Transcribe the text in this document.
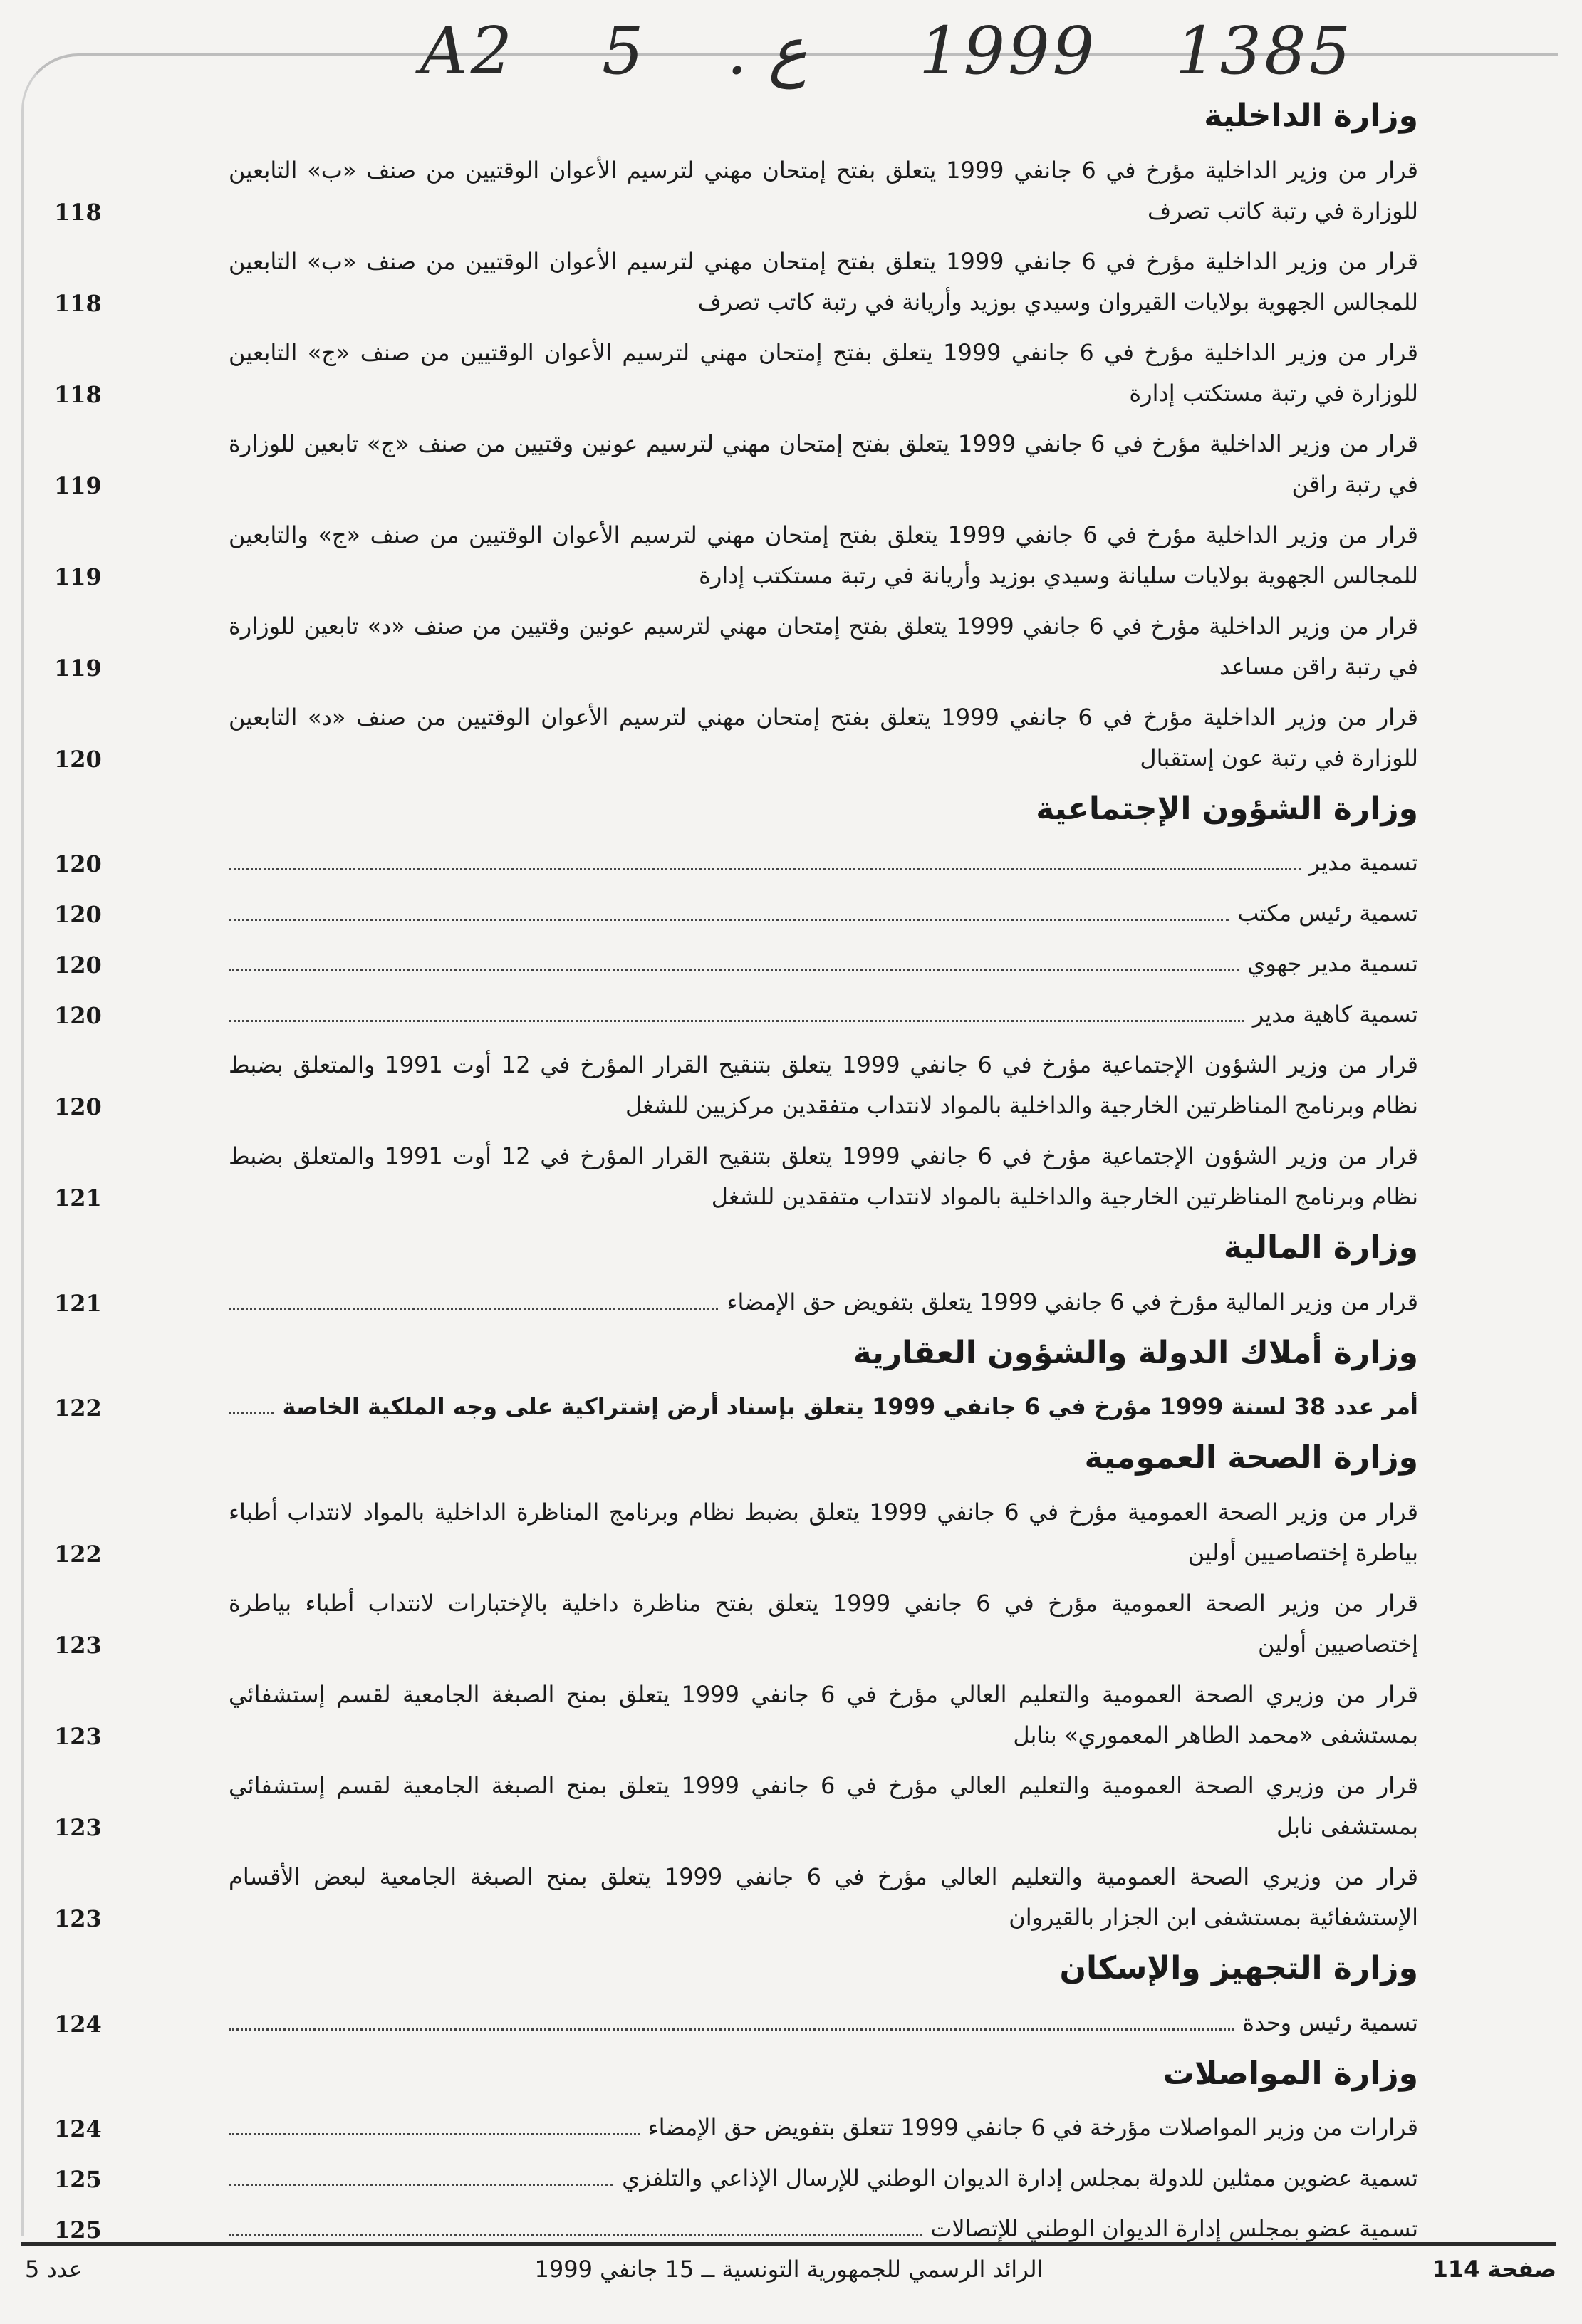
A2 5 . ع 1999 1385
وزارة الداخلية
قرار من وزير الداخلية مؤرخ في 6 جانفي 1999 يتعلق بفتح إمتحان مهني لترسيم الأعوان الوقتيين من صنف «ب» التابعين للوزارة في رتبة كاتب تصرف
118
قرار من وزير الداخلية مؤرخ في 6 جانفي 1999 يتعلق بفتح إمتحان مهني لترسيم الأعوان الوقتيين من صنف «ب» التابعين للمجالس الجهوية بولايات القيروان وسيدي بوزيد وأريانة في رتبة كاتب تصرف
118
قرار من وزير الداخلية مؤرخ في 6 جانفي 1999 يتعلق بفتح إمتحان مهني لترسيم الأعوان الوقتيين من صنف «ج» التابعين للوزارة في رتبة مستكتب إدارة
118
قرار من وزير الداخلية مؤرخ في 6 جانفي 1999 يتعلق بفتح إمتحان مهني لترسيم عونين وقتيين من صنف «ج» تابعين للوزارة في رتبة راقن
119
قرار من وزير الداخلية مؤرخ في 6 جانفي 1999 يتعلق بفتح إمتحان مهني لترسيم الأعوان الوقتيين من صنف «ج» والتابعين للمجالس الجهوية بولايات سليانة وسيدي بوزيد وأريانة في رتبة مستكتب إدارة
119
قرار من وزير الداخلية مؤرخ في 6 جانفي 1999 يتعلق بفتح إمتحان مهني لترسيم عونين وقتيين من صنف «د» تابعين للوزارة في رتبة راقن مساعد
119
قرار من وزير الداخلية مؤرخ في 6 جانفي 1999 يتعلق بفتح إمتحان مهني لترسيم الأعوان الوقتيين من صنف «د» التابعين للوزارة في رتبة عون إستقبال
120
وزارة الشؤون الإجتماعية
تسمية مدير
120
تسمية رئيس مكتب
120
تسمية مدير جهوي
120
تسمية كاهية مدير
120
قرار من وزير الشؤون الإجتماعية مؤرخ في 6 جانفي 1999 يتعلق بتنقيح القرار المؤرخ في 12 أوت 1991 والمتعلق بضبط نظام وبرنامج المناظرتين الخارجية والداخلية بالمواد لانتداب متفقدين مركزيين للشغل
120
قرار من وزير الشؤون الإجتماعية مؤرخ في 6 جانفي 1999 يتعلق بتنقيح القرار المؤرخ في 12 أوت 1991 والمتعلق بضبط نظام وبرنامج المناظرتين الخارجية والداخلية بالمواد لانتداب متفقدين للشغل
121
وزارة المالية
قرار من وزير المالية مؤرخ في 6 جانفي 1999 يتعلق بتفويض حق الإمضاء
121
وزارة أملاك الدولة والشؤون العقارية
أمر عدد 38 لسنة 1999 مؤرخ في 6 جانفي 1999 يتعلق بإسناد أرض إشتراكية على وجه الملكية الخاصة
122
وزارة الصحة العمومية
قرار من وزير الصحة العمومية مؤرخ في 6 جانفي 1999 يتعلق بضبط نظام وبرنامج المناظرة الداخلية بالمواد لانتداب أطباء بياطرة إختصاصيين أولين
122
قرار من وزير الصحة العمومية مؤرخ في 6 جانفي 1999 يتعلق بفتح مناظرة داخلية بالإختبارات لانتداب أطباء بياطرة إختصاصيين أولين
123
قرار من وزيري الصحة العمومية والتعليم العالي مؤرخ في 6 جانفي 1999 يتعلق بمنح الصبغة الجامعية لقسم إستشفائي بمستشفى «محمد الطاهر المعموري» بنابل
123
قرار من وزيري الصحة العمومية والتعليم العالي مؤرخ في 6 جانفي 1999 يتعلق بمنح الصبغة الجامعية لقسم إستشفائي بمستشفى نابل
123
قرار من وزيري الصحة العمومية والتعليم العالي مؤرخ في 6 جانفي 1999 يتعلق بمنح الصبغة الجامعية لبعض الأقسام الإستشفائية بمستشفى ابن الجزار بالقيروان
123
وزارة التجهيز والإسكان
تسمية رئيس وحدة
124
وزارة المواصلات
قرارات من وزير المواصلات مؤرخة في 6 جانفي 1999 تتعلق بتفويض حق الإمضاء
124
تسمية عضوين ممثلين للدولة بمجلس إدارة الديوان الوطني للإرسال الإذاعي والتلفزي
125
تسمية عضو بمجلس إدارة الديوان الوطني للإتصالات
125
صفحة 114
الرائد الرسمي للجمهورية التونسية ــ 15 جانفي 1999
عدد 5
